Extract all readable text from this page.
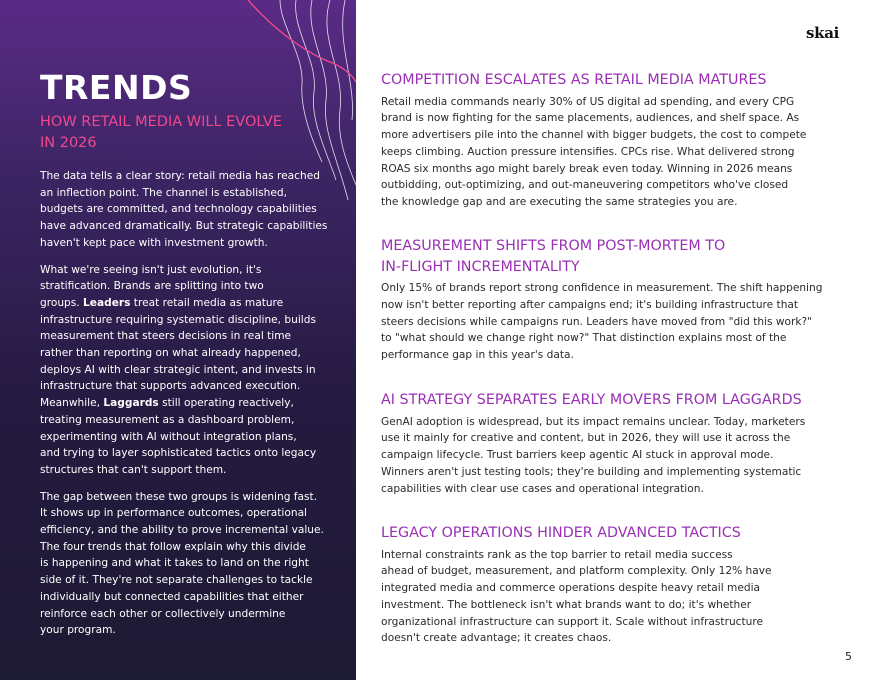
TRENDS
HOW RETAIL MEDIA WILL EVOLVE
IN 2026

The data tells a clear story: retail media has reached
an inflection point. The channel is established,
budgets are committed, and technology capabilities
have advanced dramatically. But strategic capabilities
haven't kept pace with investment growth.

What we're seeing isn't just evolution, it's
stratification. Brands are splitting into two
groups. Leaders treat retail media as mature
infrastructure requiring systematic discipline, builds
measurement that steers decisions in real time
rather than reporting on what already happened,
deploys AI with clear strategic intent, and invests in
infrastructure that supports advanced execution.
Meanwhile, Laggards still operating reactively,
treating measurement as a dashboard problem,
experimenting with AI without integration plans,
and trying to layer sophisticated tactics onto legacy
structures that can't support them.

The gap between these two groups is widening fast.
It shows up in performance outcomes, operational
efficiency, and the ability to prove incremental value.
The four trends that follow explain why this divide
is happening and what it takes to land on the right
side of it. They're not separate challenges to tackle
individually but connected capabilities that either
reinforce each other or collectively undermine
your program.

skai
COMPETITION ESCALATES AS RETAIL MEDIA MATURES

Retail media commands nearly 30% of US digital ad spending, and every CPG
brand is now fighting for the same placements, audiences, and shelf space. As
more advertisers pile into the channel with bigger budgets, the cost to compete
keeps climbing. Auction pressure intensifies. CPCs rise. What delivered strong
ROAS six months ago might barely break even today. Winning in 2026 means
outbidding, out-optimizing, and out-maneuvering competitors who've closed
the knowledge gap and are executing the same strategies you are.

MEASUREMENT SHIFTS FROM POST-MORTEM TO
IN-FLIGHT INCREMENTALITY

Only 15% of brands report strong confidence in measurement. The shift happening
now isn't better reporting after campaigns end; it's building infrastructure that
steers decisions while campaigns run. Leaders have moved from "did this work?"
to "what should we change right now?" That distinction explains most of the
performance gap in this year's data.

AI STRATEGY SEPARATES EARLY MOVERS FROM LAGGARDS

GenAI adoption is widespread, but its impact remains unclear. Today, marketers
use it mainly for creative and content, but in 2026, they will use it across the
campaign lifecycle. Trust barriers keep agentic AI stuck in approval mode.
Winners aren't just testing tools; they're building and implementing systematic
capabilities with clear use cases and operational integration.

LEGACY OPERATIONS HINDER ADVANCED TACTICS

Internal constraints rank as the top barrier to retail media success
ahead of budget, measurement, and platform complexity. Only 12% have
integrated media and commerce operations despite heavy retail media
investment. The bottleneck isn't what brands want to do; it's whether
organizational infrastructure can support it. Scale without infrastructure
doesn't create advantage; it creates chaos.

5
